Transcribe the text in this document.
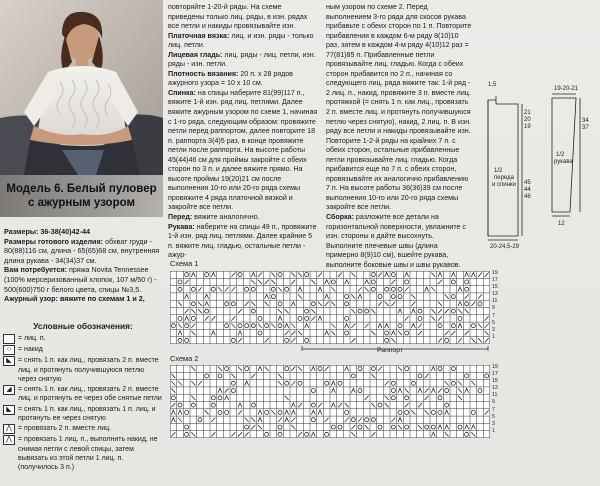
Модель 6. Белый пуловер
с ажурным узором

Размеры: 36-38(40)42-44

Размеры готового изделия: обхват груди - 80(88)116 см, длина - 65(65)68 см, внутренняя длина рукава - 34(34)37 см.

Вам потребуется: пряжа Novita Tennessee (100% мерсеризованный хлопок, 107 м/50 г) - 500(600)750 г белого цвета, спицы №3,5.

Ажурный узор: вяжите по схемам 1 и 2,

Условные обозначения:
= лиц. п.
○ = накид
◣ = снять 1 п. как лиц., провязать 2 п. вместе лиц. и протянуть получившуюся петлю через снятую
◢ = снять 1 п. как лиц., провязать 2 п. вместе лиц. и протянуть ее через обе снятые петли
◣ = снять 1 п. как лиц., провязать 1 п. лиц. и протянуть ее через снятую
⋀ = провязать 2 п. вместе лиц.
⋀ = провязать 1 лиц. п., выполнить накид, не снимая петли с левой спицы, затем вывязать из этой петли 1 лиц. п. (получилось 3 п.)

повторяйте 1-20-й ряды. На схеме приведены только лиц. ряды, в изн. рядах все петли и накиды провязывайте изн.

Платочная вязка: лиц. и изн. ряды - только лиц. петли.

Лицевая гладь: лиц. ряды - лиц. петли, изн. ряды - изн. петли.

Плотность вязания: 20 п. x 28 рядов ажурного узора = 10 x 10 см.

Спинка: на спицы наберите 81(99)117 п., вяжите 1-й изн. ряд лиц. петлями. Далее вяжите ажурным узором по схеме 1, начиная с 1-го ряда, следующим образом: провяжите петли перед раппортом, далее повторите 18 п. раппорта 3(4)5 раз, в конце провяжите петли после раппорта. На высоте работы 45(44)46 см для проймы закройте с обеих сторон по 3 п. и далее вяжите прямо. На высоте проймы 19(20)21 см после выполнения 10-го или 20-го ряда схемы провяжите 4 ряда платочной вязкой и закройте все петли.

Перед: вяжите аналогично.

Рукава: наберите на спицы 49 п., провяжите 1-й изн. ряд лиц. петлями. Далее крайние 5 п. вяжите лиц. гладью, остальные петли - ажур-

ным узором по схеме 2. Перед выполнением 3-го ряда для скосов рукава прибавьте с обеих сторон по 1 п. Повторите прибавления в каждом 6-м ряду 8(10)10 раз, затем в каждом 4-м ряду 4(10)12 раз = 77(81)85 п. Прибавленные петли провязывайте лиц. гладью. Когда с обеих сторон прибавится по 2 п., начиная со следующего лиц. ряда вяжите так: 1-й ряд - 2 лиц. п., накид, провяжите 3 п. вместе лиц. протяжкой (= снять 1 п. как лиц., провязать 2 п. вместе лиц. и протянуть получившуюся петлю через снятую), накид, 2 лиц. п. В изн. ряду все петли и накиды провязывайте изн. Повторите 1-2-й ряды на крайних 7 п. с обеих сторон, остальные прибавленные петли провязывайте лиц. гладью. Когда прибавится еще по 7 п. с обеих сторон, провязывайте их аналогично прибавлению 7 п. На высоте работы 36(36)39 см после выполнения 10-го или 20-го ряда схемы закройте все петли.

Сборка: разложите все детали на горизонтальной поверхности, увлажните с изн. стороны и дайте высохнуть. Выполните плечевые швы (длина примерно 8(9)10 см), вшейте рукава, выполните боковые швы и швы рукавов.

1,5
21
20
19
1/2
переда
и спинки 45
44
46
20-24,5-29
19-20-21
1/2
рукава
34
37
12
Схема 1
19
17
15
13
11
9
7
5
3
1
Раппорт
Схема 2
19
17
15
13
11
9
7
5
3
1
